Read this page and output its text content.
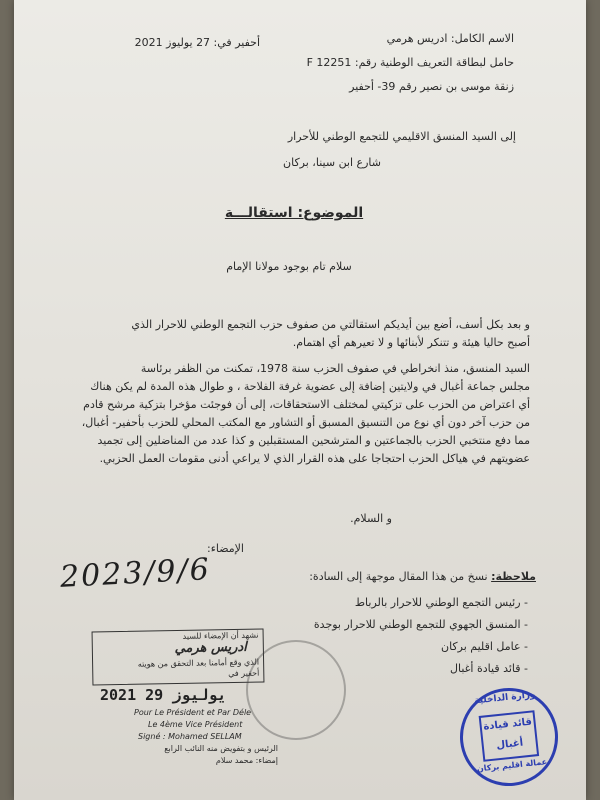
أحفير في: 27 يوليوز 2021	الاسم الكامل: ادريس هرمي
حامل لبطاقة التعريف الوطنية رقم: F 12251
زنقة موسى بن نصير رقم 39- أحفير
إلى السيد المنسق الاقليمي للتجمع الوطني للأحرار
شارع ابن سينا، بركان
الموضوع: استقالـــة
سلام تام بوجود مولانا الإمام
و بعد بكل أسف، أضع بين أيديكم استقالتي من صفوف حزب التجمع الوطني للاحرار الذي
أصبح حاليا هيئة و تتنكر لأبنائها و لا تعيرهم أي اهتمام.
السيد المنسق، منذ انخراطي في صفوف الحزب سنة 1978، تمكنت من الظفر برئاسة
مجلس جماعة أغبال في ولايتين إضافة إلى عضوية غرفة الفلاحة ، و طوال هذه المدة لم يكن هناك
أي اعتراض من الحزب على تزكيتي لمختلف الاستحقاقات، إلى أن فوجئت مؤخرا بتزكية مرشح قادم
من حزب آخر دون أي نوع من التنسيق المسبق أو التشاور مع المكتب المحلي للحزب بأحفير- أغبال،
مما دفع منتخبي الحزب بالجماعتين و المترشحين المستقبلين و كذا عدد من المناضلين إلى تجميد
عضويتهم في هياكل الحزب احتجاجا على هذه القرار الذي لا يراعي أدنى مقومات العمل الحزبي.
و السلام.
الإمضاء:
2023/9/6	ملاحظة: نسخ من هذا المقال موجهة إلى السادة:
- رئيس التجمع الوطني للاحرار بالرباط
- المنسق الجهوي للتجمع الوطني للاحرار بوجدة
- عامل اقليم بركان
- قائد قيادة أغبال
نشهد أن الإمضاء للسيد
ادريس هرمي
الذي وقع أمامنا بعد التحقق من هويته
أحفير في
2021 يوليوز 29
Pour Le Président et Par Déle
Le 4ème Vice Président
Signé : Mohamed SELLAM
الرئيس و بتفويض منه النائب الرابع
إمضاء: محمد سلام
وزارة الداخلية
قائد قيادة
أغبال
عمالة اقليم بركان
